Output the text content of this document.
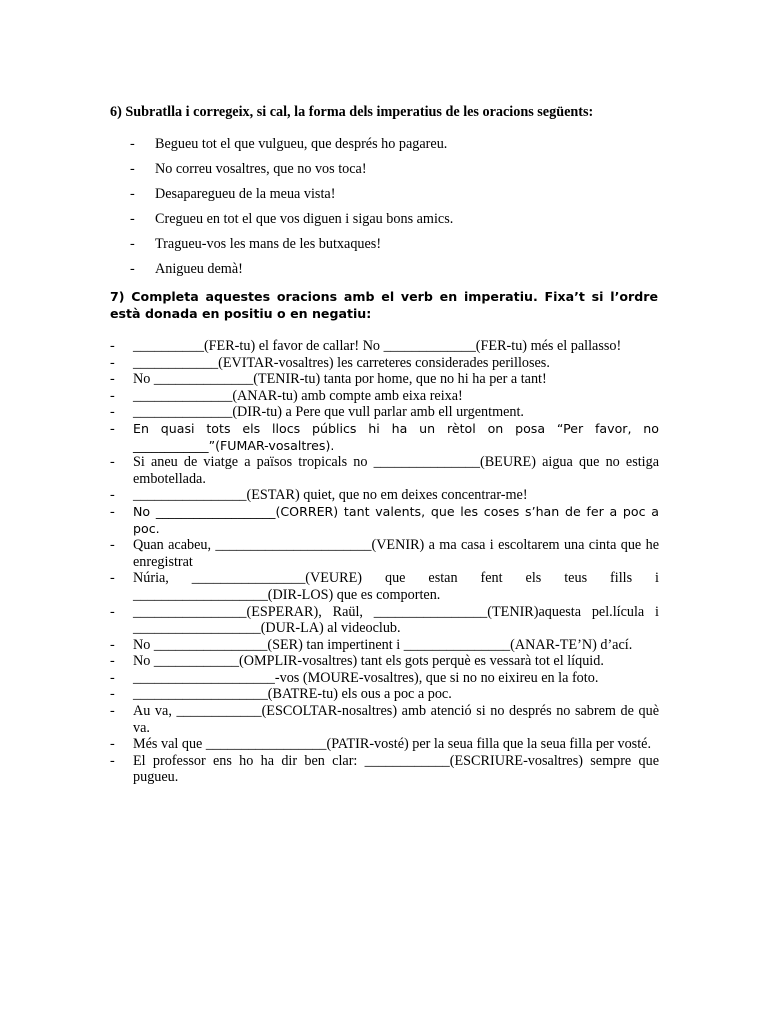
6) Subratlla i corregeix, si cal, la forma dels imperatius de les oracions següents:
- Begueu tot el que vulgueu, que després ho pagareu.
- No correu vosaltres, que no vos toca!
- Desapareguеu de la meua vista!
- Cregueu en tot el que vos diguen i sigau bons amics.
- Tragueu-vos les mans de les butxaques!
- Anigueu demà!
7) Completa aquestes oracions amb el verb en imperatiu. Fixa’t si l’ordre està donada en positiu o en negatiu:
- __________(FER-tu) el favor de callar! No _____________(FER-tu) més el pallasso!
- ____________(EVITAR-vosaltres) les carreteres considerades perilloses.
- No ______________(TENIR-tu) tanta por home, que no hi ha per a tant!
- ______________(ANAR-tu) amb compte amb eixa reixa!
- ______________(DIR-tu) a Pere que vull parlar amb ell urgentment.
- En quasi tots els llocs públics hi ha un rètol on posa “Per favor, no ____________”(FUMAR-vosaltres).
- Si aneu de viatge a països tropicals no _______________(BEURE) aigua que no estiga embotellada.
- ________________(ESTAR) quiet, que no em deixes concentrar-me!
- No ___________________(CORRER) tant valents, que les coses s’han de fer a poc a poc.
- Quan acabeu, ______________________(VENIR) a ma casa i escoltarem una cinta que he enregistrat
- Núria, ________________(VEURE) que estan fent els teus fills i ___________________(DIR-LOS) que es comporten.
- ________________(ESPERAR), Raül, ________________(TENIR)aquesta pel.lícula i __________________(DUR-LA) al videoclub.
- No ________________(SER) tan impertinent i _______________(ANAR-TE’N) d’ací.
- No ____________(OMPLIR-vosaltres) tant els gots perquè es vessarà tot el líquid.
- ____________________-vos (MOURE-vosaltres), que si no no eixireu en la foto.
- ___________________(BATRE-tu) els ous a poc a poc.
- Au va, ____________(ESCOLTAR-nosaltres) amb atenció si no després no sabrem de què va.
- Més val que _________________(PATIR-vosté) per la seua filla que la seua filla per vosté.
- El professor ens ho ha dir ben clar: ____________(ESCRIURE-vosaltres) sempre que pugueu.
